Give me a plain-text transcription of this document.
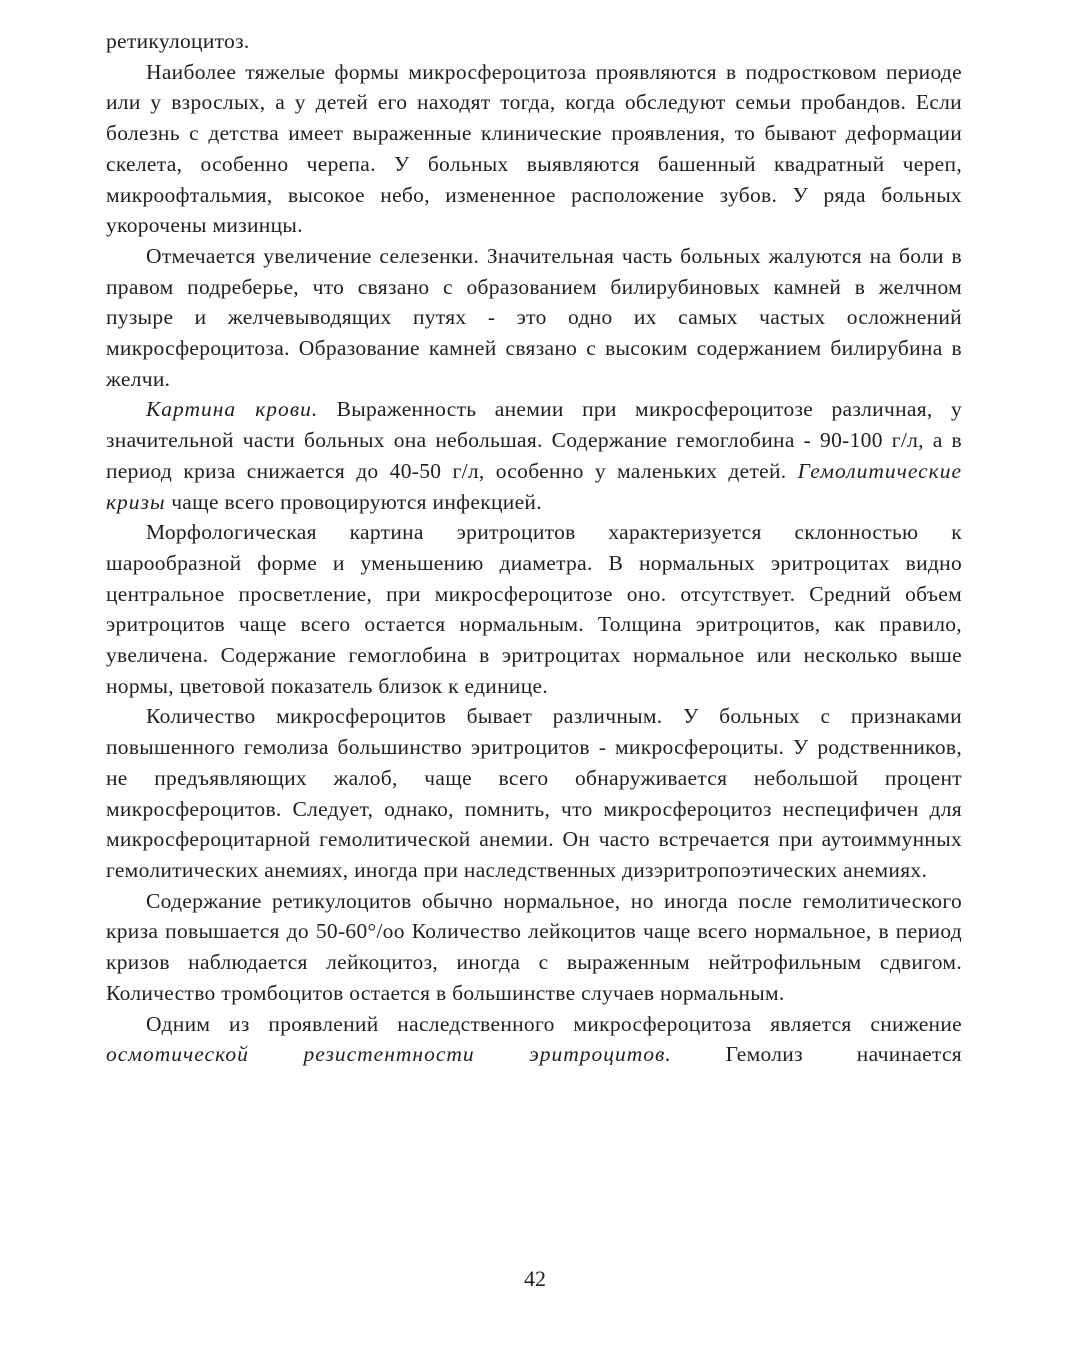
ретикулоцитоз.

Наиболее тяжелые формы микросфероцитоза проявляются в подростковом периоде или у взрослых, а у детей его находят тогда, когда обследуют семьи пробандов. Если болезнь с детства имеет выраженные клинические проявления, то бывают деформации скелета, особенно черепа. У больных выявляются башенный квадратный череп, микроофтальмия, высокое небо, измененное расположение зубов. У ряда больных укорочены мизинцы.

Отмечается увеличение селезенки. Значительная часть больных жалуются на боли в правом подреберье, что связано с образованием билирубиновых камней в желчном пузыре и желчевыводящих путях - это одно их самых частых осложнений микросфероцитоза. Образование камней связано с высоким содержанием билирубина в желчи.

Картина крови. Выраженность анемии при микросфероцитозе различная, у значительной части больных она небольшая. Содержание гемоглобина - 90-100 г/л, а в период криза снижается до 40-50 г/л, особенно у маленьких детей. Гемолитические кризы чаще всего провоцируются инфекцией.

Морфологическая картина эритроцитов характеризуется склонностью к шарообразной форме и уменьшению диаметра. В нормальных эритроцитах видно центральное просветление, при микросфероцитозе оно. отсутствует. Средний объем эритроцитов чаще всего остается нормальным. Толщина эритроцитов, как правило, увеличена. Содержание гемоглобина в эритроцитах нормальное или несколько выше нормы, цветовой показатель близок к единице.

Количество микросфероцитов бывает различным. У больных с признаками повышенного гемолиза большинство эритроцитов - микросфероциты. У родственников, не предъявляющих жалоб, чаще всего обнаруживается небольшой процент микросфероцитов. Следует, однако, помнить, что микросфероцитоз неспецифичен для микросфероцитарной гемолитической анемии. Он часто встречается при аутоиммунных гемолитических анемиях, иногда при наследственных дизэритропоэтических анемиях.

Содержание ретикулоцитов обычно нормальное, но иногда после гемолитического криза повышается до 50-60°/оо Количество лейкоцитов чаще всего нормальное, в период кризов наблюдается лейкоцитоз, иногда с выраженным нейтрофильным сдвигом. Количество тромбоцитов остается в большинстве случаев нормальным.

Одним из проявлений наследственного микросфероцитоза является снижение осмотической резистентности эритроцитов. Гемолиз начинается

42
